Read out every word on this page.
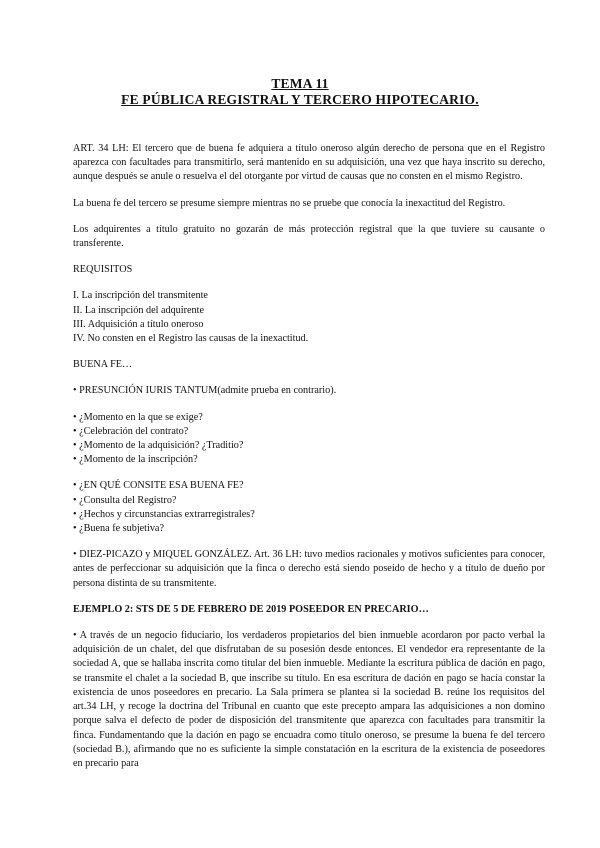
TEMA 11
FE PÚBLICA REGISTRAL Y TERCERO HIPOTECARIO.

ART. 34 LH: El tercero que de buena fe adquiera a título oneroso algún derecho de persona que en el Registro aparezca con facultades para transmitirlo, será mantenido en su adquisición, una vez que haya inscrito su derecho, aunque después se anule o resuelva el del otorgante por virtud de causas que no consten en el mismo Registro.

La buena fe del tercero se presume siempre mientras no se pruebe que conocía la inexactitud del Registro.

Los adquirentes a título gratuito no gozarán de más protección registral que la que tuviere su causante o transferente.

REQUISITOS
I. La inscripción del transmitente
II. La inscripción del adquirente
III. Adquisición a título oneroso
IV. No consten en el Registro las causas de la inexactitud.
BUENA FE…
• PRESUNCIÓN IURIS TANTUM(admite prueba en contrario).
• ¿Momento en la que se exige?
• ¿Celebración del contrato?
• ¿Momento de la adquisición? ¿Traditio?
• ¿Momento de la inscripción?
• ¿EN QUÉ CONSITE ESA BUENA FE?
• ¿Consulta del Registro?
• ¿Hechos y circunstancias extrarregistrales?
• ¿Buena fe subjetiva?

• DIEZ-PICAZO y MIQUEL GONZÁLEZ. Art. 36 LH: tuvo medios racionales y motivos suficientes para conocer, antes de perfeccionar su adquisición que la finca o derecho está siendo poseído de hecho y a título de dueño por persona distinta de su transmitente.

EJEMPLO 2: STS DE 5 DE FEBRERO DE 2019 POSEEDOR EN PRECARIO…

• A través de un negocio fiduciario, los verdaderos propietarios del bien inmueble acordaron por pacto verbal la adquisición de un chalet, del que disfrutaban de su posesión desde entonces. El vendedor era representante de la sociedad A, que se hallaba inscrita como titular del bien inmueble. Mediante la escritura pública de dación en pago, se transmite el chalet a la sociedad B, que inscribe su título. En esa escritura de dación en pago se hacía constar la existencia de unos poseedores en precario. La Sala primera se plantea si la sociedad B. reúne los requisitos del art.34 LH, y recoge la doctrina del Tribunal en cuanto que este precepto ampara las adquisiciones a non domino porque salva el defecto de poder de disposición del transmitente que aparezca con facultades para transmitir la finca. Fundamentando que la dación en pago se encuadra como título oneroso, se presume la buena fe del tercero (sociedad B.), afirmando que no es suficiente la simple constatación en la escritura de la existencia de poseedores en precario para
